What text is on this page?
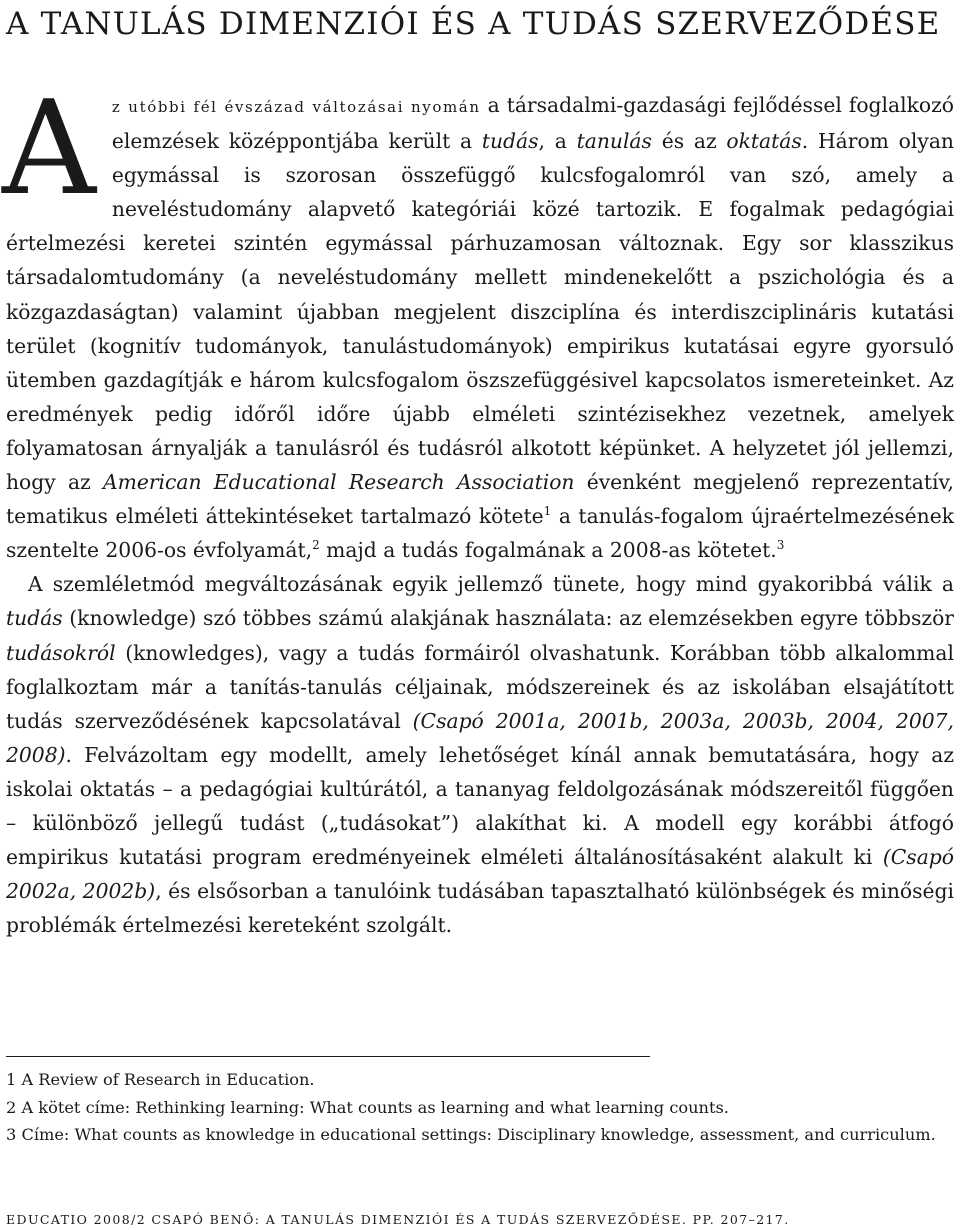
A TANULÁS DIMENZIÓI ÉS A TUDÁS SZERVEZŐDÉSE

A z utóbbi fél évszázad változásai nyomán a társadalmi-gazdasági fejlődéssel foglalkozó elemzések középpontjába került a tudás, a tanulás és az oktatás. Három olyan egymással is szorosan összefüggő kulcsfogalomról van szó, amely a neveléstudomány alapvető kategóriái közé tartozik. E fogalmak pedagógiai értelmezési keretei szintén egymással párhuzamosan változnak. Egy sor klasszikus társadalomtudomány (a neveléstudomány mellett mindenekelőtt a pszichológia és a közgazdaságtan) valamint újabban megjelent diszciplína és interdiszciplináris kutatási terület (kognitív tudományok, tanulástudományok) empirikus kutatásai egyre gyorsuló ütemben gazdagítják e három kulcsfogalom öszszefüggésivel kapcsolatos ismereteinket. Az eredmények pedig időről időre újabb elméleti szintézisekhez vezetnek, amelyek folyamatosan árnyalják a tanulásról és tudásról alkotott képünket. A helyzetet jól jellemzi, hogy az American Educational Research Association évenként megjelenő reprezentatív, tematikus elméleti áttekintéseket tartalmazó kötete$^1$ a tanulás-fogalom újraértelmezésének szentelte 2006-os évfolyamát,$^2$ majd a tudás fogalmának a 2008-as kötetet.$^3$

A szemléletmód megváltozásának egyik jellemző tünete, hogy mind gyakoribbá válik a tudás (knowledge) szó többes számú alakjának használata: az elemzésekben egyre többször tudásokról (knowledges), vagy a tudás formáiról olvashatunk. Korábban több alkalommal foglalkoztam már a tanítás-tanulás céljainak, módszereinek és az iskolában elsajátított tudás szerveződésének kapcsolatával (Csapó 2001a, 2001b, 2003a, 2003b, 2004, 2007, 2008). Felvázoltam egy modellt, amely lehetőséget kínál annak bemutatására, hogy az iskolai oktatás – a pedagógiai kultúrától, a tananyag feldolgozásának módszereitől függően – különböző jellegű tudást („tudásokat”) alakíthat ki. A modell egy korábbi átfogó empirikus kutatási program eredményeinek elméleti általánosításaként alakult ki (Csapó 2002a, 2002b), és elsősorban a tanulóink tudásában tapasztalható különbségek és minőségi problémák értelmezési kereteként szolgált.

1 A Review of Research in Education.
2 A kötet címe: Rethinking learning: What counts as learning and what learning counts.
3 Címe: What counts as knowledge in educational settings: Disciplinary knowledge, assessment, and curriculum.
EDUCATIO 2008/2 CSAPÓ BENŐ: A TANULÁS DIMENZIÓI ÉS A TUDÁS SZERVEZŐDÉSE. PP. 207–217.
